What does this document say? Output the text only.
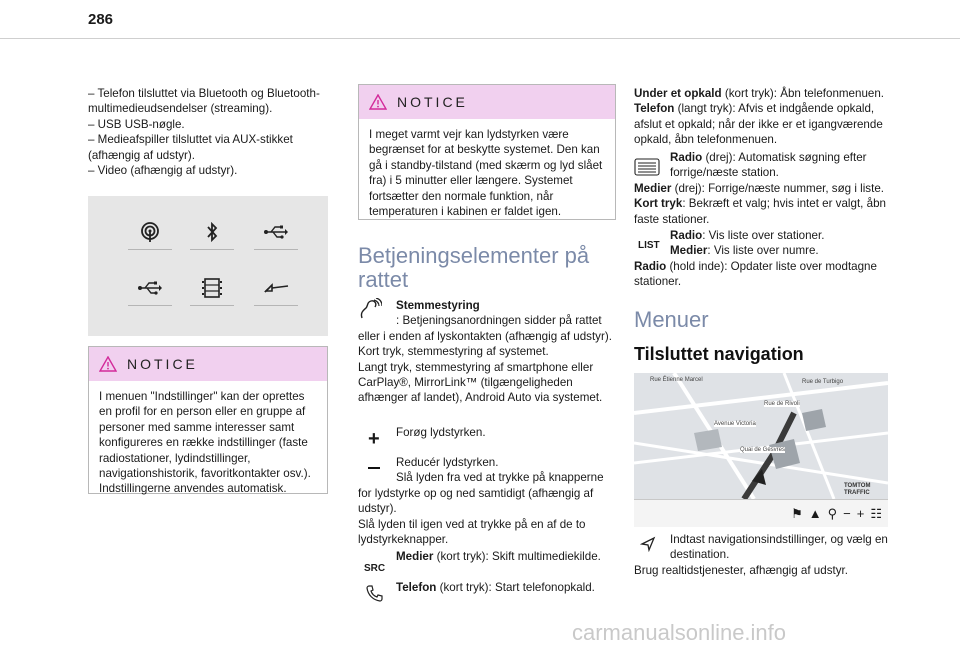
286
– Telefon tilsluttet via Bluetooth og Bluetooth-multimedieudsendelser (streaming).
– USB USB-nøgle.
– Medieafspiller tilsluttet via AUX-stikket (afhængig af udstyr).
– Video (afhængig af udstyr).
NOTICE
I menuen "Indstillinger" kan der oprettes en profil for en person eller en gruppe af personer med samme interesser samt konfigureres en række indstillinger (faste radiostationer, lydindstillinger, navigationshistorik, favoritkontakter osv.). Indstillingerne anvendes automatisk.
NOTICE
I meget varmt vejr kan lydstyrken være begrænset for at beskytte systemet. Den kan gå i standby-tilstand (med skærm og lyd slået fra) i 5 minutter eller længere. Systemet fortsætter den normale funktion, når temperaturen i kabinen er faldet igen.
Betjeningselementer på rattet
Stemmestyring
: Betjeningsanordningen sidder på rattet eller i enden af lyskontakten (afhængig af udstyr).
Kort tryk, stemmestyring af systemet.
Langt tryk, stemmestyring af smartphone eller CarPlay®, MirrorLink™ (tilgængeligheden afhænger af landet), Android Auto via systemet.
+	Forøg lydstyrken.
Reducér lydstyrken.
Slå lyden fra ved at trykke på knapperne for lydstyrke op og ned samtidigt (afhængig af udstyr).
Slå lyden til igen ved at trykke på en af de to lydstyrkeknapper.
SRC
Medier (kort tryk): Skift multimediekilde.
Telefon (kort tryk): Start telefonopkald.
Under et opkald (kort tryk): Åbn telefonmenuen.
Telefon (langt tryk): Afvis et indgående opkald, afslut et opkald; når der ikke er et igangværende opkald, åbn telefonmenuen.
Radio (drej): Automatisk søgning efter forrige/næste station.
Medier (drej): Forrige/næste nummer, søg i liste.
Kort tryk: Bekræft et valg; hvis intet er valgt, åbn faste stationer.
LIST
Radio: Vis liste over stationer.
Medier: Vis liste over numre.
Radio (hold inde): Opdater liste over modtagne stationer.
Menuer
Tilsluttet navigation
Rue Étienne Marcel	Rue de Turbigo
Rue de Rivoli
Avenue Victoria
Quai de Gesvres
TOMTOM TRAFFIC
⚑ ▲ ⚲ − + ☷
Indtast navigationsindstillinger, og vælg en destination.
Brug realtidstjenester, afhængig af udstyr.
carmanualsonline.info
